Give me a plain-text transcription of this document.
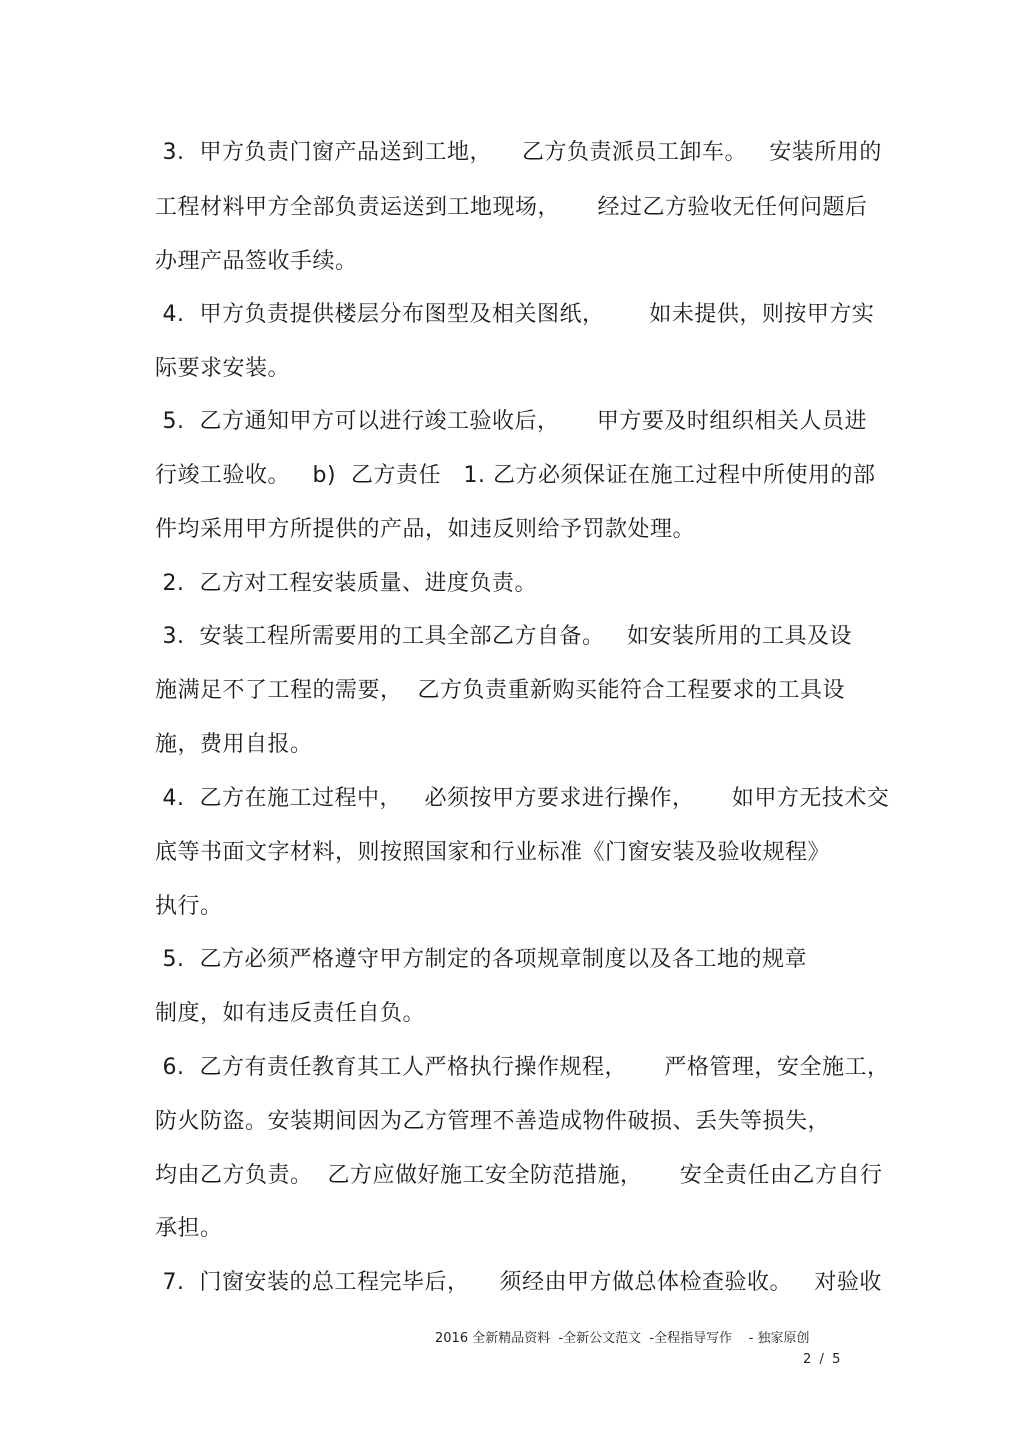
3.  甲方负责门窗产品送到工地，    乙方负责派员工卸车。   安装所用的
工程材料甲方全部负责运送到工地现场，     经过乙方验收无任何问题后
办理产品签收手续。
4.  甲方负责提供楼层分布图型及相关图纸，      如未提供，则按甲方实
际要求安装。
5.  乙方通知甲方可以进行竣工验收后，     甲方要及时组织相关人员进
行竣工验收。   b)  乙方责任   1. 乙方必须保证在施工过程中所使用的部
件均采用甲方所提供的产品，如违反则给予罚款处理。
2.  乙方对工程安装质量、进度负责。
3.  安装工程所需要用的工具全部乙方自备。   如安装所用的工具及设
施满足不了工程的需要，  乙方负责重新购买能符合工程要求的工具设
施，费用自报。
4.  乙方在施工过程中，   必须按甲方要求进行操作，     如甲方无技术交
底等书面文字材料，则按照国家和行业标准《门窗安装及验收规程》
执行。
5.  乙方必须严格遵守甲方制定的各项规章制度以及各工地的规章
制度，如有违反责任自负。
6.  乙方有责任教育其工人严格执行操作规程，     严格管理，安全施工，
防火防盗。安装期间因为乙方管理不善造成物件破损、丢失等损失，
均由乙方负责。  乙方应做好施工安全防范措施，     安全责任由乙方自行
承担。
7.  门窗安装的总工程完毕后，    须经由甲方做总体检查验收。   对验收
2016 全新精品资料  -全新公文范文  -全程指导写作    - 独家原创
2  /  5
